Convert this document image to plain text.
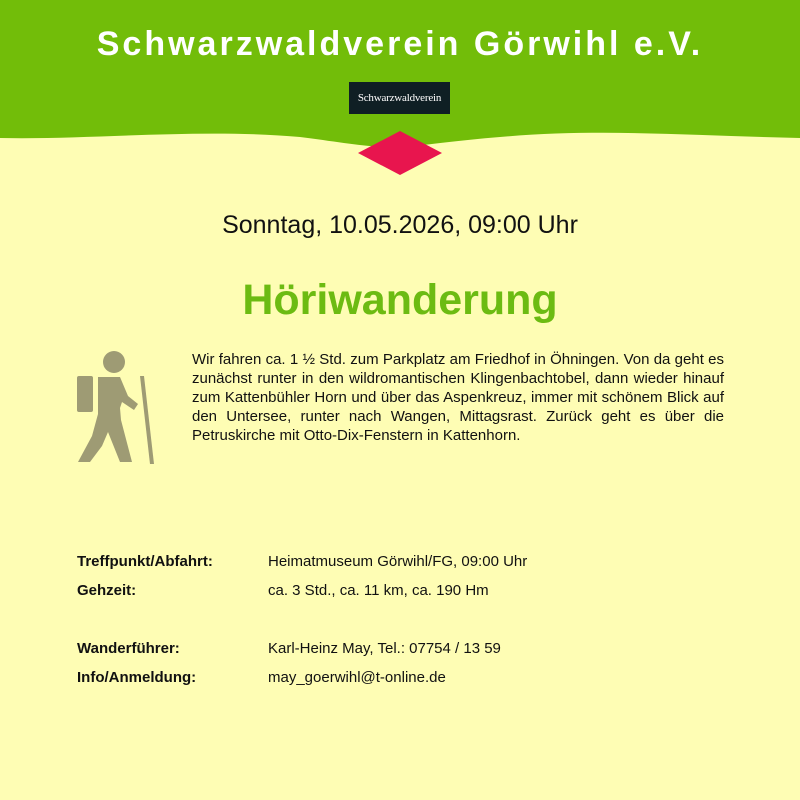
Schwarzwaldverein Görwihl e.V.
Schwarzwaldverein
Sonntag, 10.05.2026, 09:00 Uhr
Höriwanderung
Wir fahren ca. 1 ½ Std. zum Parkplatz am Friedhof in Öhningen. Von da geht es zunächst runter in den wildromantischen Klingenbachtobel, dann wieder hinauf zum Kattenbühler Horn und über das Aspenkreuz, immer mit schönem Blick auf den Untersee, runter nach Wangen, Mittagsrast. Zurück geht es über die Petruskirche mit Otto-Dix-Fenstern in Kattenhorn.
Treffpunkt/Abfahrt:	Heimatmuseum Görwihl/FG, 09:00 Uhr
Gehzeit:	ca. 3 Std., ca. 11 km, ca. 190 Hm
Wanderführer:	Karl-Heinz May, Tel.: 07754 / 13 59
Info/Anmeldung:	may_goerwihl@t-online.de
